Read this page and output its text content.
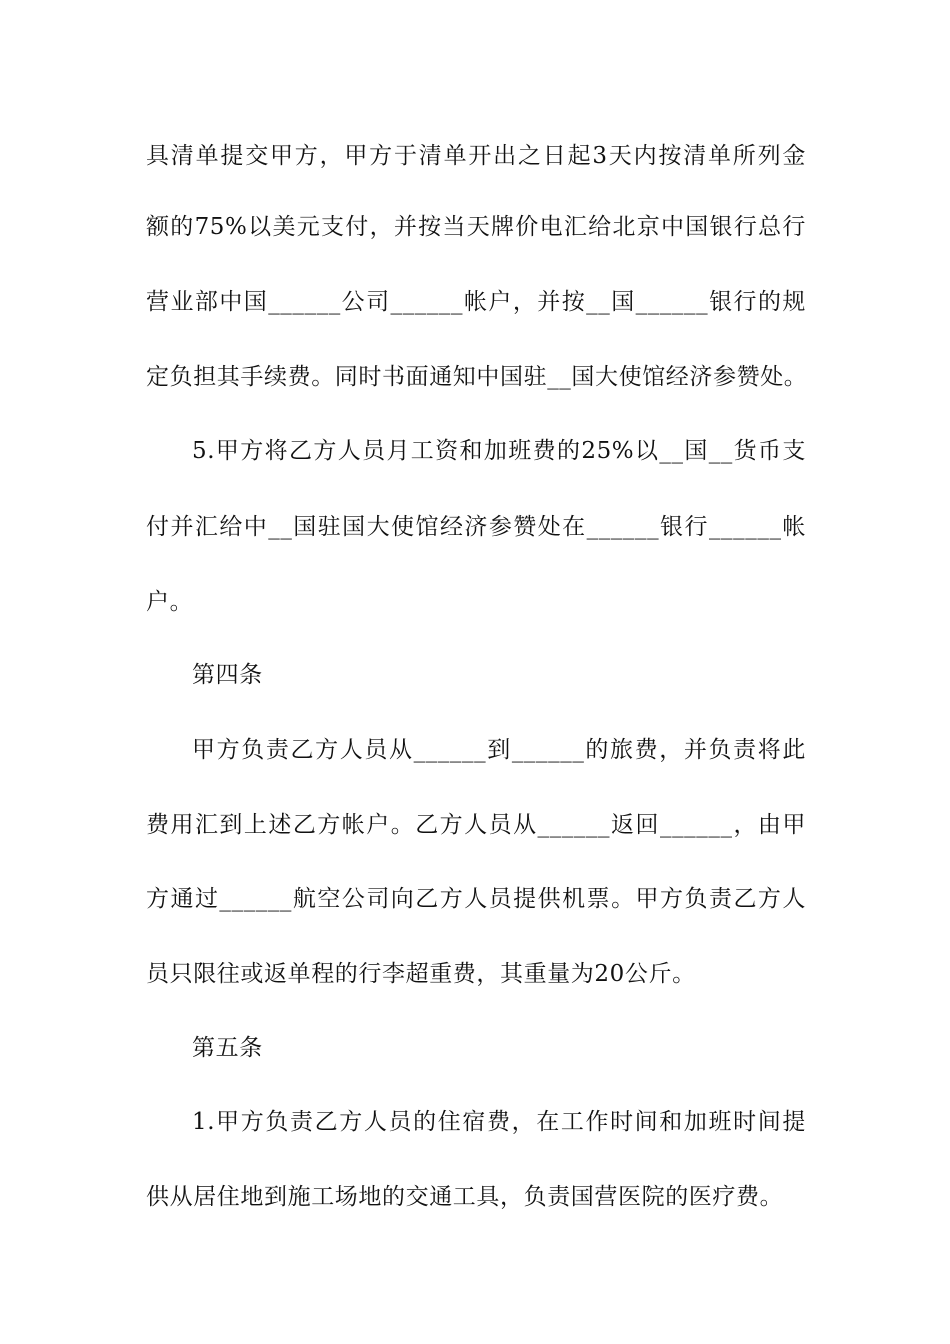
具清单提交甲方，甲方于清单开出之日起3天内按清单所列金
额的75%以美元支付，并按当天牌价电汇给北京中国银行总行
营业部中国______公司______帐户，并按__国______银行的规
定负担其手续费。同时书面通知中国驻__国大使馆经济参赞处。
5.甲方将乙方人员月工资和加班费的25%以__国__货币支
付并汇给中__国驻国大使馆经济参赞处在______银行______帐
户。
第四条
甲方负责乙方人员从______到______的旅费，并负责将此
费用汇到上述乙方帐户。乙方人员从______返回______，由甲
方通过______航空公司向乙方人员提供机票。甲方负责乙方人
员只限往或返单程的行李超重费，其重量为20公斤。
第五条
1.甲方负责乙方人员的住宿费，在工作时间和加班时间提
供从居住地到施工场地的交通工具，负责国营医院的医疗费。
